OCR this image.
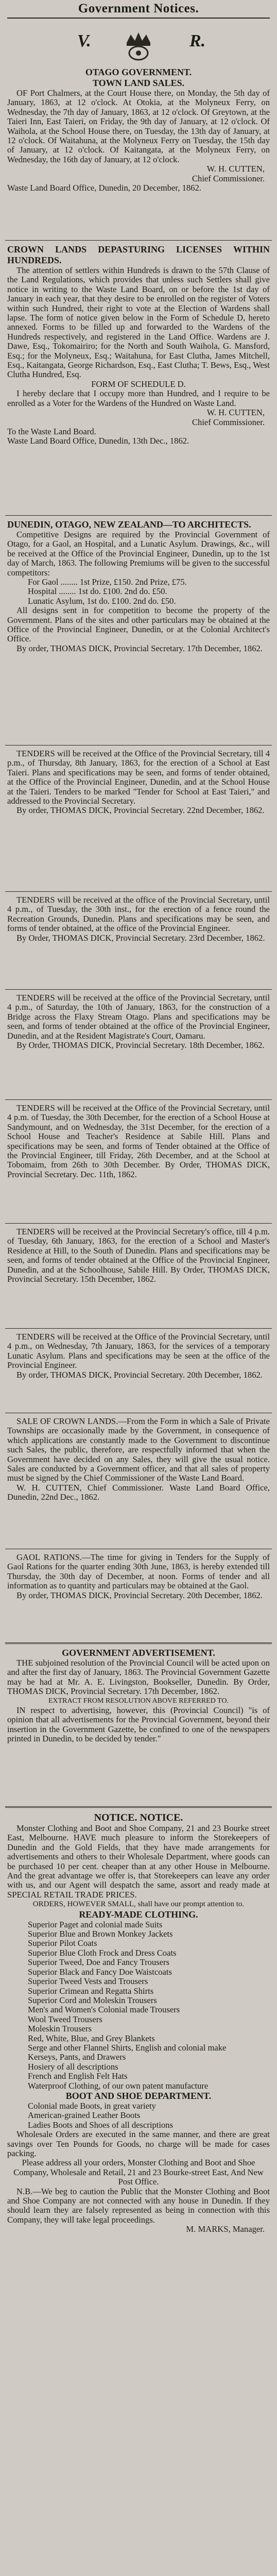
Government Notices.
V.	R.

OTAGO GOVERNMENT.

TOWN LAND SALES.

OF Port Chalmers, at the Court House there, on Monday, the 5th day of January, 1863, at 12 o'clock. At Otokia, at the Molyneux Ferry, on Wednesday, the 7th day of January, 1863, at 12 o'clock. Of Greytown, at the Taieri Inn, East Taieri, on Friday, the 9th day of January, at 12 o'clock. Of Waihola, at the School House there, on Tuesday, the 13th day of January, at 12 o'clock. Of Waitahuna, at the Molyneux Ferry on Tuesday, the 15th day of January, at 12 o'clock. Of Kaitangata, at the Molyneux Ferry, on Wednesday, the 16th day of January, at 12 o'clock.

W. H. CUTTEN,

Chief Commissioner.

Waste Land Board Office, Dunedin, 20 December, 1862.

CROWN LANDS DEPASTURING LICENSES WITHIN HUNDREDS.

The attention of settlers within Hundreds is drawn to the 57th Clause of the Land Regulations, which provides that unless such Settlers shall give notice in writing to the Waste Land Board, on or before the 1st day of January in each year, that they desire to be enrolled on the register of Voters within such Hundred, their right to vote at the Election of Wardens shall lapse. The form of notice given below in the Form of Schedule D, hereto annexed. Forms to be filled up and forwarded to the Wardens of the Hundreds respectively, and registered in the Land Office. Wardens are J. Dawe, Esq., Tokomairiro; for the North and South Waihola, G. Mansford, Esq.; for the Molyneux, Esq.; Waitahuna, for East Clutha, James Mitchell, Esq., Kaitangata, George Richardson, Esq., East Clutha; T. Bews, Esq., West Clutha Hundred, Esq.

FORM OF SCHEDULE D.

I hereby declare that I occupy more than Hundred, and I require to be enrolled as a Voter for the Wardens of the Hundred on Waste Land.

W. H. CUTTEN,

Chief Commissioner.

To the Waste Land Board.

Waste Land Board Office, Dunedin, 13th Dec., 1862.

DUNEDIN, OTAGO, NEW ZEALAND—TO ARCHITECTS.

Competitive Designs are required by the Provincial Government of Otago, for a Gaol, an Hospital, and a Lunatic Asylum. Drawings, &c., will be received at the Office of the Provincial Engineer, Dunedin, up to the 1st day of March, 1863. The following Premiums will be given to the successful competitors:

For Gaol ........ 1st Prize, £150. 2nd Prize, £75.

Hospital ........ 1st do. £100. 2nd do. £50.

Lunatic Asylum, 1st do. £100. 2nd do. £50.

All designs sent in for competition to become the property of the Government. Plans of the sites and other particulars may be obtained at the Office of the Provincial Engineer, Dunedin, or at the Colonial Architect's Office.

By order, THOMAS DICK, Provincial Secretary. 17th December, 1862.

TENDERS will be received at the Office of the Provincial Secretary, till 4 p.m., of Thursday, 8th January, 1863, for the erection of a School at East Taieri. Plans and specifications may be seen, and forms of tender obtained, at the Office of the Provincial Engineer, Dunedin, and at the School House at the Taieri. Tenders to be marked "Tender for School at East Taieri," and addressed to the Provincial Secretary.

By order, THOMAS DICK, Provincial Secretary. 22nd December, 1862.

TENDERS will be received at the office of the Provincial Secretary, until 4 p.m., of Tuesday, the 30th inst., for the erection of a fence round the Recreation Grounds, Dunedin. Plans and specifications may be seen, and forms of tender obtained, at the office of the Provincial Engineer.

By Order, THOMAS DICK, Provincial Secretary. 23rd December, 1862.

TENDERS will be received at the office of the Provincial Secretary, until 4 p.m., of Saturday, the 10th of January, 1863, for the construction of a Bridge across the Flaxy Stream Otago. Plans and specifications may be seen, and forms of tender obtained at the office of the Provincial Engineer, Dunedin, and at the Resident Magistrate's Court, Oamaru.

By Order, THOMAS DICK, Provincial Secretary. 18th December, 1862.

TENDERS will be received at the Office of the Provincial Secretary, until 4 p.m. of Tuesday, the 30th December, for the erection of a School House at Sandymount, and on Wednesday, the 31st December, for the erection of a School House and Teacher's Residence at Sabile Hill. Plans and specifications may be seen, and forms of Tender obtained at the Office of the Provincial Engineer, till Friday, 26th December, and at the School at Tobomaim, from 26th to 30th December. By Order, THOMAS DICK, Provincial Secretary. Dec. 11th, 1862.

TENDERS will be received at the Provincial Secretary's office, till 4 p.m. of Tuesday, 6th January, 1863, for the erection of a School and Master's Residence at Hill, to the South of Dunedin. Plans and specifications may be seen, and forms of tender obtained at the Office of the Provincial Engineer, Dunedin, and at the Schoolhouse, Sabile Hill. By Order, THOMAS DICK, Provincial Secretary. 15th December, 1862.

TENDERS will be received at the Office of the Provincial Secretary, until 4 p.m., on Wednesday, 7th January, 1863, for the services of a temporary Lunatic Asylum. Plans and specifications may be seen at the office of the Provincial Engineer.

By order, THOMAS DICK, Provincial Secretary. 20th December, 1862.

SALE OF CROWN LANDS.—From the Form in which a Sale of Private Townships are occasionally made by the Government, in consequence of which applications are constantly made to the Government to discontinue such Sales, the public, therefore, are respectfully informed that when the Government have decided on any Sales, they will give the usual notice. Sales are conducted by a Government officer, and that all sales of property must be signed by the Chief Commissioner of the Waste Land Board.

W. H. CUTTEN, Chief Commissioner. Waste Land Board Office, Dunedin, 22nd Dec., 1862.

GAOL RATIONS.—The time for giving in Tenders for the Supply of Gaol Rations for the quarter ending 30th June, 1863, is hereby extended till Thursday, the 30th day of December, at noon. Forms of tender and all information as to quantity and particulars may be obtained at the Gaol.

By order, THOMAS DICK, Provincial Secretary. 20th December, 1862.

GOVERNMENT ADVERTISEMENT.

THE subjoined resolution of the Provincial Council will be acted upon on and after the first day of January, 1863. The Provincial Government Gazette may be had at Mr. A. E. Livingston, Bookseller, Dunedin. By Order, THOMAS DICK, Provincial Secretary. 17th December, 1862.

EXTRACT FROM RESOLUTION ABOVE REFERRED TO.

IN respect to advertising, however, this (Provincial Council) "is of opinion that all advertisements for the Provincial Government, beyond their insertion in the Government Gazette, be confined to one of the newspapers printed in Dunedin, to be decided by tender."

NOTICE. NOTICE.

Monster Clothing and Boot and Shoe Company, 21 and 23 Bourke street East, Melbourne. HAVE much pleasure to inform the Storekeepers of Dunedin and the Gold Fields, that they have made arrangements for advertisements and others to their Wholesale Department, where goods can be purchased 10 per cent. cheaper than at any other House in Melbourne. And the great advantage we offer is, that Storekeepers can leave any order with us, and our Agent will despatch the same, assort and ready made at SPECIAL RETAIL TRADE PRICES.

ORDERS, HOWEVER SMALL, shall have our prompt attention to.

READY-MADE CLOTHING.

Superior Paget and colonial made Suits

Superior Blue and Brown Monkey Jackets

Superior Pilot Coats

Superior Blue Cloth Frock and Dress Coats

Superior Tweed, Doe and Fancy Trousers

Superior Black and Fancy Doe Waistcoats

Superior Tweed Vests and Trousers

Superior Crimean and Regatta Shirts

Superior Cord and Moleskin Trousers

Men's and Women's Colonial made Trousers

Wool Tweed Trousers

Moleskin Trousers

Red, White, Blue, and Grey Blankets

Serge and other Flannel Shirts, English and colonial make

Kerseys, Pants, and Drawers

Hosiery of all descriptions

French and English Felt Hats

Waterproof Clothing, of our own patent manufacture

BOOT AND SHOE DEPARTMENT.

Colonial made Boots, in great variety

American-grained Leather Boots

Ladies Boots and Shoes of all descriptions

Wholesale Orders are executed in the same manner, and there are great savings over Ten Pounds for Goods, no charge will be made for cases packing.

Please address all your orders, Monster Clothing and Boot and Shoe Company, Wholesale and Retail, 21 and 23 Bourke-street East, And New Post Office.

N.B.—We beg to caution the Public that the Monster Clothing and Boot and Shoe Company are not connected with any house in Dunedin. If they should learn they are falsely represented as being in connection with this Company, they will take legal proceedings.

M. MARKS, Manager.
